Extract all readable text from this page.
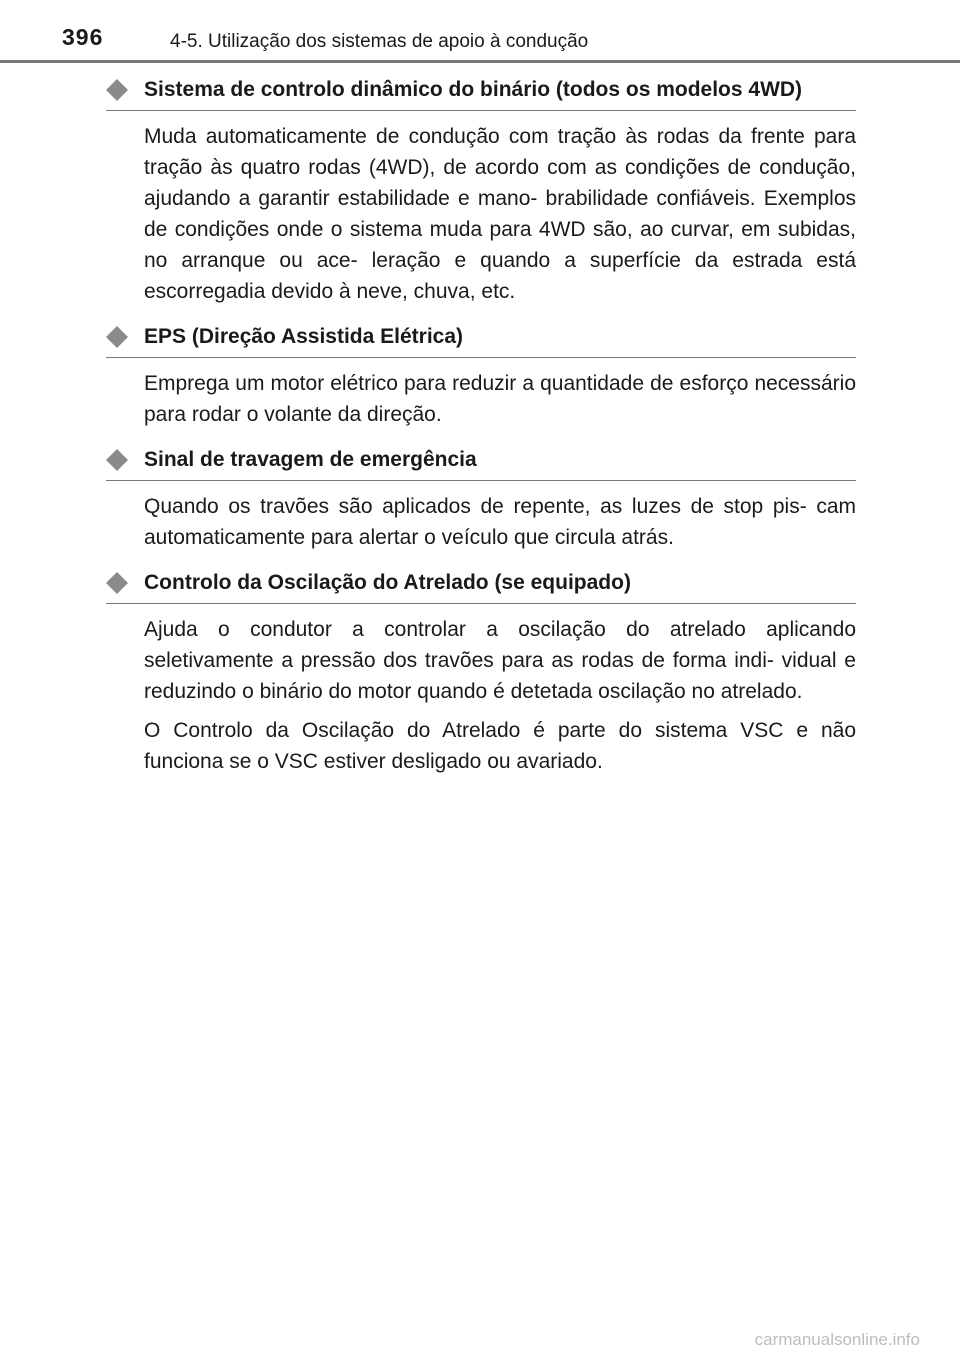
396	4-5. Utilização dos sistemas de apoio à condução
Sistema de controlo dinâmico do binário (todos os modelos 4WD)

Muda automaticamente de condução com tração às rodas da frente para tração às quatro rodas (4WD), de acordo com as condições de condução, ajudando a garantir estabilidade e mano- brabilidade confiáveis. Exemplos de condições onde o sistema muda para 4WD são, ao curvar, em subidas, no arranque ou ace- leração e quando a superfície da estrada está escorregadia devido à neve, chuva, etc.

EPS (Direção Assistida Elétrica)

Emprega um motor elétrico para reduzir a quantidade de esforço necessário para rodar o volante da direção.

Sinal de travagem de emergência

Quando os travões são aplicados de repente, as luzes de stop pis- cam automaticamente para alertar o veículo que circula atrás.

Controlo da Oscilação do Atrelado (se equipado)

Ajuda o condutor a controlar a oscilação do atrelado aplicando seletivamente a pressão dos travões para as rodas de forma indi- vidual e reduzindo o binário do motor quando é detetada oscilação no atrelado.

O Controlo da Oscilação do Atrelado é parte do sistema VSC e não funciona se o VSC estiver desligado ou avariado.

carmanualsonline.info
